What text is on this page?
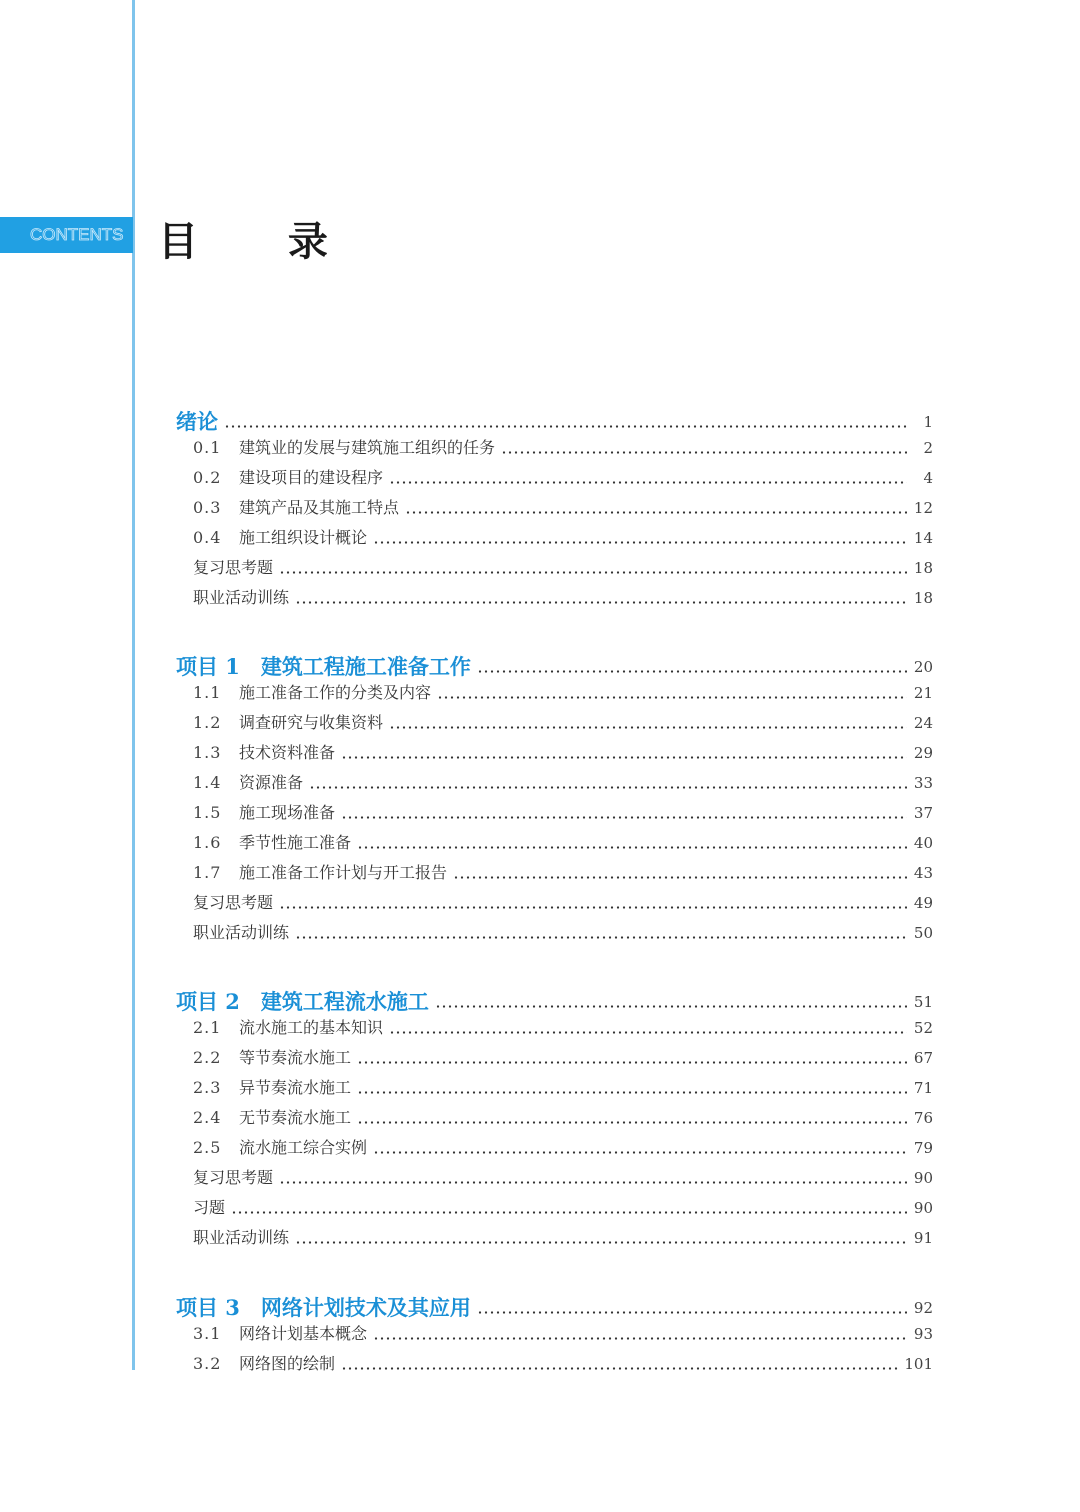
CONTENTS 目 录
绪论	1
0.1	建筑业的发展与建筑施工组织的任务	2
0.2	建设项目的建设程序	4
0.3	建筑产品及其施工特点	12
0.4	施工组织设计概论	14
复习思考题	18
职业活动训练	18
项目 1　建筑工程施工准备工作	20
1.1	施工准备工作的分类及内容	21
1.2	调查研究与收集资料	24
1.3	技术资料准备	29
1.4	资源准备	33
1.5	施工现场准备	37
1.6	季节性施工准备	40
1.7	施工准备工作计划与开工报告	43
复习思考题	49
职业活动训练	50
项目 2　建筑工程流水施工	51
2.1	流水施工的基本知识	52
2.2	等节奏流水施工	67
2.3	异节奏流水施工	71
2.4	无节奏流水施工	76
2.5	流水施工综合实例	79
复习思考题	90
习题	90
职业活动训练	91
项目 3　网络计划技术及其应用	92
3.1	网络计划基本概念	93
3.2	网络图的绘制	101
